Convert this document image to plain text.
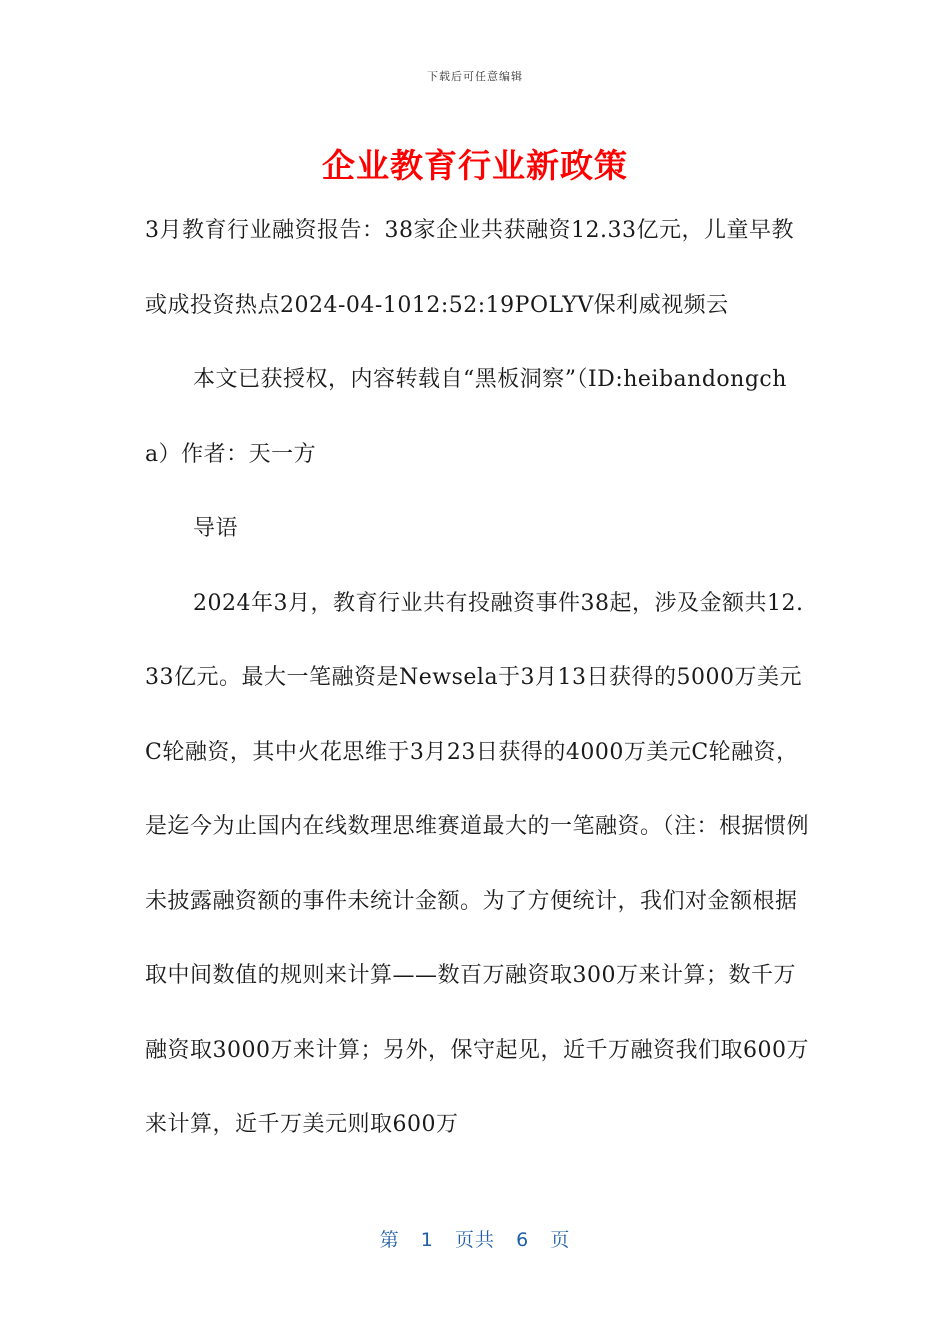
下载后可任意编辑
企业教育行业新政策

3月教育行业融资报告：38家企业共获融资12.33亿元，儿童早教或成投资热点2024-04-1012:52:19POLYV保利威视频云

本文已获授权，内容转载自“黑板洞察”（ID:heibandongcha）作者：天一方

导语

2024年3月，教育行业共有投融资事件38起，涉及金额共12.33亿元。最大一笔融资是Newsela于3月13日获得的5000万美元C轮融资，其中火花思维于3月23日获得的4000万美元C轮融资，是迄今为止国内在线数理思维赛道最大的一笔融资。（注：根据惯例未披露融资额的事件未统计金额。为了方便统计，我们对金额根据取中间数值的规则来计算——数百万融资取300万来计算；数千万融资取3000万来计算；另外，保守起见，近千万融资我们取600万来计算，近千万美元则取600万

第 1 页共 6 页
